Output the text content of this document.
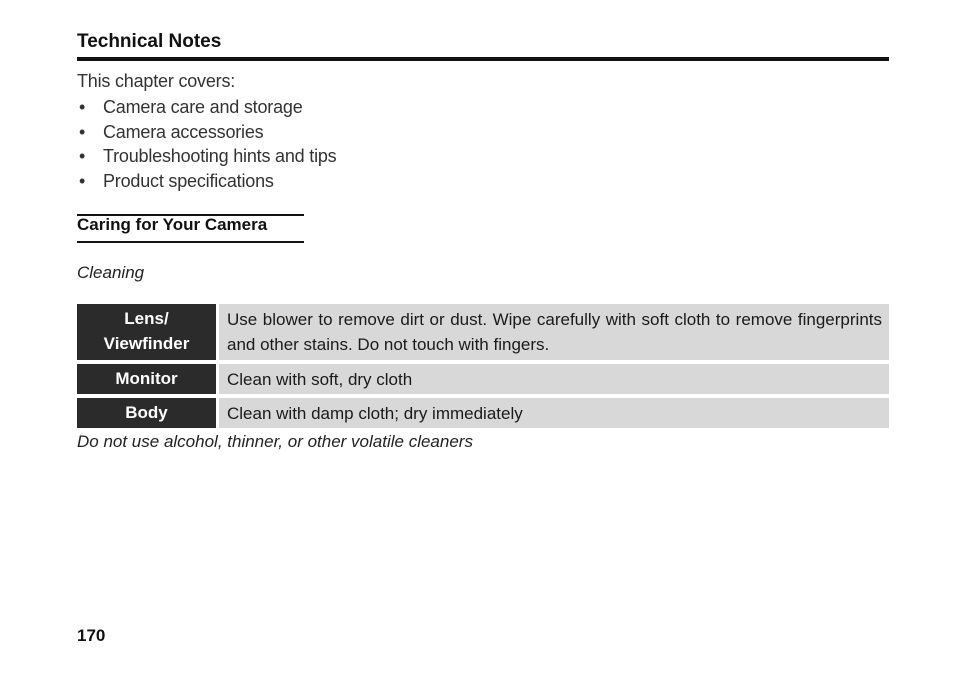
Technical Notes
This chapter covers:
• Camera care and storage
• Camera accessories
• Troubleshooting hints and tips
• Product specifications
Caring for Your Camera
Cleaning
Lens/
Viewfinder
Use blower to remove dirt or dust. Wipe carefully with soft cloth to remove fingerprints and other stains. Do not touch with fingers.
Monitor	Clean with soft, dry cloth
Body	Clean with damp cloth; dry immediately
Do not use alcohol, thinner, or other volatile cleaners
170
